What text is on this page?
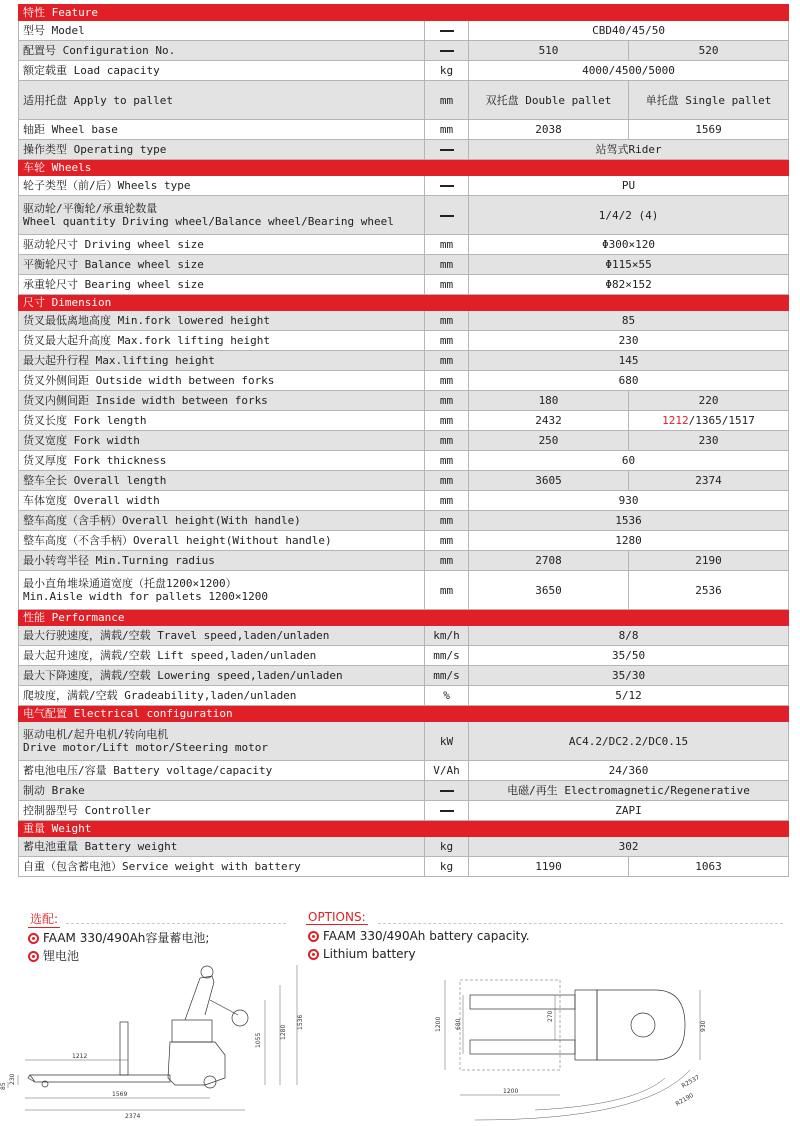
特性 Feature			
型号 Model		CBD40/45/50	
配置号 Configuration No.		510	520
额定载重 Load capacity	kg	4000/4500/5000	
适用托盘 Apply to pallet	mm	双托盘 Double pallet	单托盘 Single pallet
轴距 Wheel base	mm	2038	1569
操作类型 Operating type		站驾式Rider	
车轮 Wheels			
轮子类型（前/后）Wheels type		PU	

驱动轮/平衡轮/承重轮数量
Wheel quantity Driving wheel/Balance wheel/Bearing wheel		1/4/2 (4)	
驱动轮尺寸 Driving wheel size	mm	Φ300×120	
平衡轮尺寸 Balance wheel size	mm	Φ115×55	
承重轮尺寸 Bearing wheel size	mm	Φ82×152	
尺寸 Dimension			
货叉最低离地高度 Min.fork lowered height	mm	85	
货叉最大起升高度 Max.fork lifting height	mm	230	
最大起升行程 Max.lifting height	mm	145	
货叉外侧间距 Outside width between forks	mm	680	
货叉内侧间距 Inside width between forks	mm	180	220
货叉长度 Fork length	mm	2432	1212/1365/1517
货叉宽度 Fork width	mm	250	230
货叉厚度 Fork thickness	mm	60	
整车全长 Overall length	mm	3605	2374
车体宽度 Overall width	mm	930	
整车高度（含手柄）Overall height(With handle)	mm	1536	
整车高度（不含手柄）Overall height(Without handle)	mm	1280	
最小转弯半径 Min.Turning radius	mm	2708	2190

最小直角堆垛通道宽度（托盘1200×1200）
Min.Aisle width for pallets 1200×1200	mm	3650	2536
性能 Performance			
最大行驶速度，满载/空载 Travel speed,laden/unladen	km/h	8/8	
最大起升速度，满载/空载 Lift speed,laden/unladen	mm/s	35/50	
最大下降速度，满载/空载 Lowering speed,laden/unladen	mm/s	35/30	
爬坡度，满载/空载 Gradeability,laden/unladen	%	5/12	
电气配置 Electrical configuration			

驱动电机/起升电机/转向电机
Drive motor/Lift motor/Steering motor	kW	AC4.2/DC2.2/DC0.15	
蓄电池电压/容量 Battery voltage/capacity	V/Ah	24/360	
制动 Brake		电磁/再生 Electromagnetic/Regenerative	
控制器型号 Controller		ZAPI	
重量 Weight			
蓄电池重量 Battery weight	kg	302	
自重（包含蓄电池）Service weight with battery	kg	1190	1063
选配:	OPTIONS:
FAAM 330/490Ah容量蓄电池;
锂电池
FAAM 330/490Ah battery capacity.
Lithium battery
1212
1569
2374
1055
1280
1536
230
85
1200 680
270
930
1200
R2537
R2190
